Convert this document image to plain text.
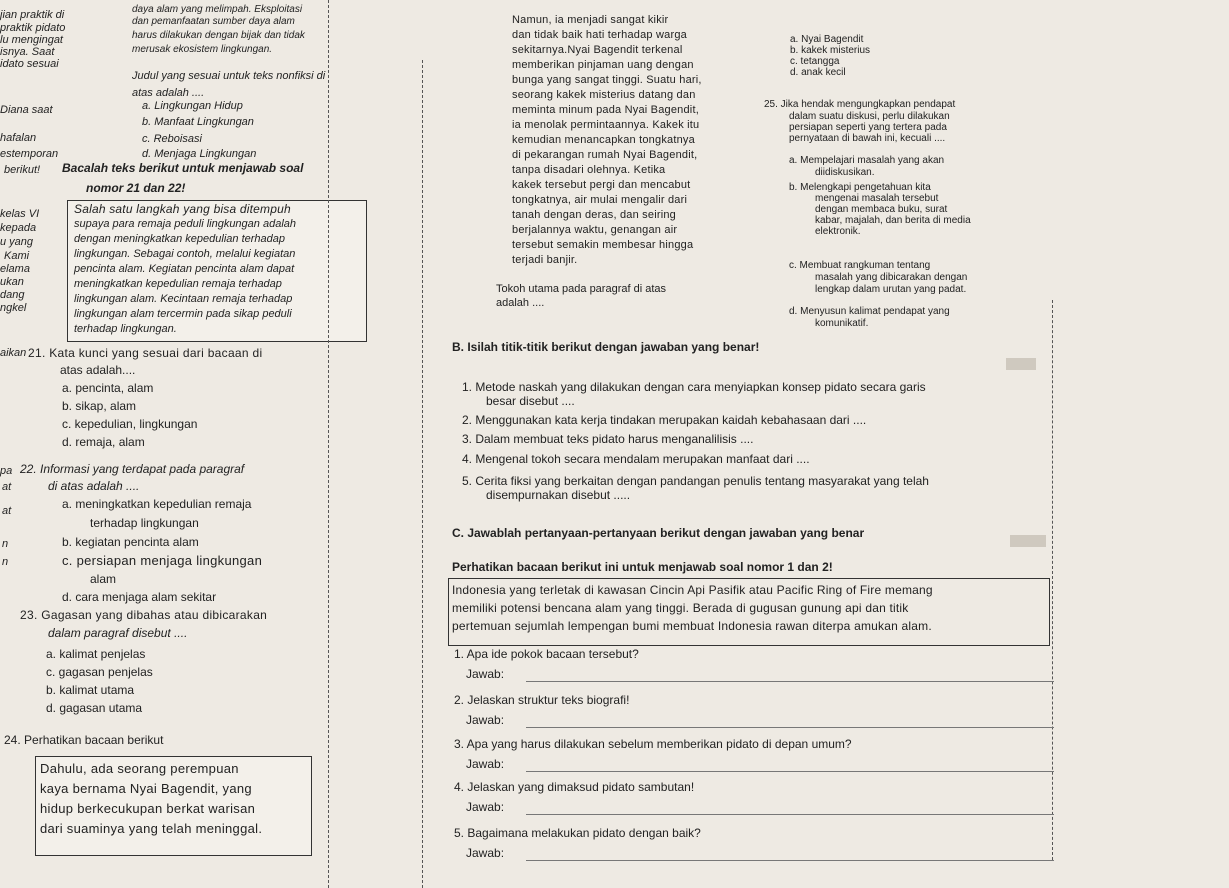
jian praktik di
praktik pidato
lu mengingat
isnya. Saat
idato sesuai
Diana saat
hafalan
estemporan
berikut!
kelas VI
kepada
u yang
Kami
elama
ukan
dang
ngkel
aikan
pa
at
at
n
n
daya alam yang melimpah. Eksploitasi
dan pemanfaatan sumber daya alam
harus dilakukan dengan bijak dan tidak
merusak ekosistem lingkungan.
Judul yang sesuai untuk teks nonfiksi di
atas adalah ....
a. Lingkungan Hidup
b. Manfaat Lingkungan
c. Reboisasi
d. Menjaga Lingkungan
Bacalah teks berikut untuk menjawab soal
nomor 21 dan 22!
Salah satu langkah yang bisa ditempuh
supaya para remaja peduli lingkungan adalah
dengan meningkatkan kepedulian terhadap
lingkungan. Sebagai contoh, melalui kegiatan
pencinta alam. Kegiatan pencinta alam dapat
meningkatkan kepedulian remaja terhadap
lingkungan alam. Kecintaan remaja terhadap
lingkungan alam tercermin pada sikap peduli
terhadap lingkungan.
21. Kata kunci yang sesuai dari bacaan di
atas adalah....
a. pencinta, alam
b. sikap, alam
c. kepedulian, lingkungan
d. remaja, alam
22. Informasi yang terdapat pada paragraf
di atas adalah ....
a. meningkatkan kepedulian remaja
terhadap lingkungan
b. kegiatan pencinta alam
c. persiapan menjaga lingkungan
alam
d. cara menjaga alam sekitar
23. Gagasan yang dibahas atau dibicarakan
dalam paragraf disebut ....
a. kalimat penjelas
c. gagasan penjelas
b. kalimat utama
d. gagasan utama
24. Perhatikan bacaan berikut
Dahulu, ada seorang perempuan
kaya bernama Nyai Bagendit, yang
hidup berkecukupan berkat warisan
dari suaminya yang telah meninggal.
Namun, ia menjadi sangat kikir
dan tidak baik hati terhadap warga
sekitarnya.Nyai Bagendit terkenal
memberikan pinjaman uang dengan
bunga yang sangat tinggi. Suatu hari,
seorang kakek misterius datang dan
meminta minum pada Nyai Bagendit,
ia menolak permintaannya. Kakek itu
kemudian menancapkan tongkatnya
di pekarangan rumah Nyai Bagendit,
tanpa disadari olehnya. Ketika
kakek tersebut pergi dan mencabut
tongkatnya, air mulai mengalir dari
tanah dengan deras, dan seiring
berjalannya waktu, genangan air
tersebut semakin membesar hingga
terjadi banjir.
Tokoh utama pada paragraf di atas
adalah ....
a. Nyai Bagendit
b. kakek misterius
c. tetangga
d. anak kecil
25. Jika hendak mengungkapkan pendapat
dalam suatu diskusi, perlu dilakukan
persiapan seperti yang tertera pada
pernyataan di bawah ini, kecuali ....
a. Mempelajari masalah yang akan
diidiskusikan.
b. Melengkapi pengetahuan kita
mengenai masalah tersebut
dengan membaca buku, surat
kabar, majalah, dan berita di media
elektronik.
c. Membuat rangkuman tentang
masalah yang dibicarakan dengan
lengkap dalam urutan yang padat.
d. Menyusun kalimat pendapat yang
komunikatif.
B. Isilah titik-titik berikut dengan jawaban yang benar!
1. Metode naskah yang dilakukan dengan cara menyiapkan konsep pidato secara garis
besar disebut ....
2. Menggunakan kata kerja tindakan merupakan kaidah kebahasaan dari ....
3. Dalam membuat teks pidato harus menganalilisis ....
4. Mengenal tokoh secara mendalam merupakan manfaat dari ....
5. Cerita fiksi yang berkaitan dengan pandangan penulis tentang masyarakat yang telah
disempurnakan disebut .....
C. Jawablah pertanyaan-pertanyaan berikut dengan jawaban yang benar
Perhatikan bacaan berikut ini untuk menjawab soal nomor 1 dan 2!
Indonesia yang terletak di kawasan Cincin Api Pasifik atau Pacific Ring of Fire memang
memiliki potensi bencana alam yang tinggi. Berada di gugusan gunung api dan titik
pertemuan sejumlah lempengan bumi membuat Indonesia rawan diterpa amukan alam.
1. Apa ide pokok bacaan tersebut?
Jawab:
2. Jelaskan struktur teks biografi!
Jawab:
3. Apa yang harus dilakukan sebelum memberikan pidato di depan umum?
Jawab:
4. Jelaskan yang dimaksud pidato sambutan!
Jawab:
5. Bagaimana melakukan pidato dengan baik?
Jawab:
